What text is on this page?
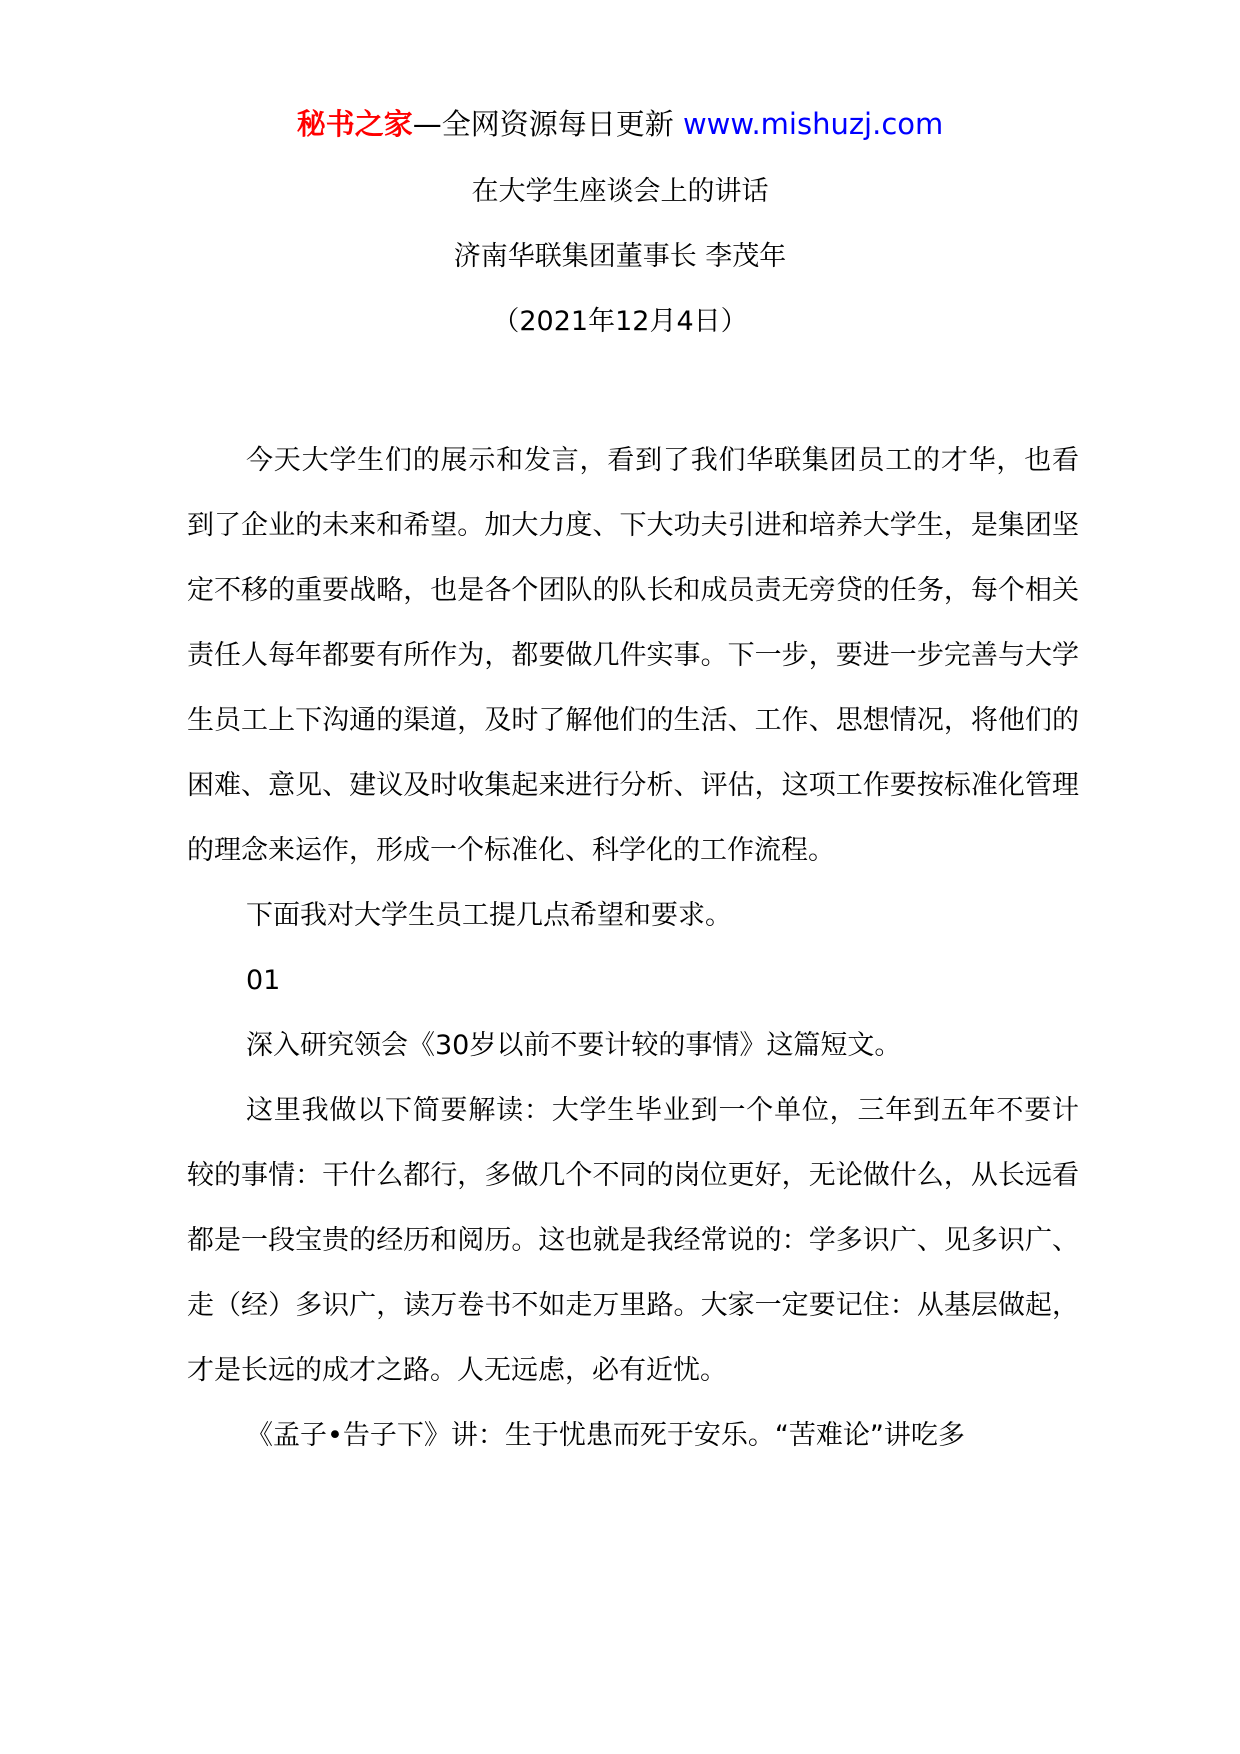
秘书之家—全网资源每日更新 www.mishuzj.com
在大学生座谈会上的讲话
济南华联集团董事长 李茂年
（2021年12月4日）

今天大学生们的展示和发言，看到了我们华联集团员工的才华，也看到了企业的未来和希望。加大力度、下大功夫引进和培养大学生，是集团坚定不移的重要战略，也是各个团队的队长和成员责无旁贷的任务，每个相关责任人每年都要有所作为，都要做几件实事。下一步，要进一步完善与大学生员工上下沟通的渠道，及时了解他们的生活、工作、思想情况，将他们的困难、意见、建议及时收集起来进行分析、评估，这项工作要按标准化管理的理念来运作，形成一个标准化、科学化的工作流程。

下面我对大学生员工提几点希望和要求。

01

深入研究领会《30岁以前不要计较的事情》这篇短文。

这里我做以下简要解读：大学生毕业到一个单位，三年到五年不要计较的事情：干什么都行，多做几个不同的岗位更好，无论做什么，从长远看都是一段宝贵的经历和阅历。这也就是我经常说的：学多识广、见多识广、走（经）多识广，读万卷书不如走万里路。大家一定要记住：从基层做起，才是长远的成才之路。人无远虑，必有近忧。

《孟子•告子下》讲：生于忧患而死于安乐。“苦难论”讲吃多
